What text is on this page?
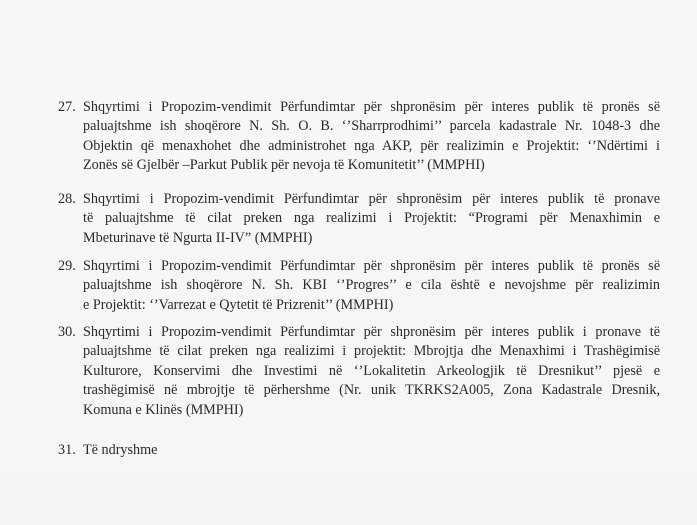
27. Shqyrtimi i Propozim-vendimit Përfundimtar për shpronësim për interes publik të pronës së
paluajtshme ish shoqërore N. Sh. O. B. ‘’Sharrprodhimi’’ parcela kadastrale Nr. 1048-3 dhe
Objektin që menaxhohet dhe administrohet nga AKP, për realizimin e Projektit: ‘’Ndërtimi i
Zonës së Gjelbër –Parkut Publik për nevoja të Komunitetit’’ (MMPHI)
28. Shqyrtimi i Propozim-vendimit Përfundimtar për shpronësim për interes publik të pronave
të paluajtshme të cilat preken nga realizimi i Projektit: “Programi për Menaxhimin e
Mbeturinave të Ngurta II-IV” (MMPHI)
29. Shqyrtimi i Propozim-vendimit Përfundimtar për shpronësim për interes publik të pronës së
paluajtshme ish shoqërore N. Sh. KBI ‘’Progres’’ e cila është e nevojshme për realizimin
e Projektit: ‘’Varrezat e Qytetit të Prizrenit’’ (MMPHI)
30. Shqyrtimi i Propozim-vendimit Përfundimtar për shpronësim për interes publik i pronave të
paluajtshme të cilat preken nga realizimi i projektit: Mbrojtja dhe Menaxhimi i Trashëgimisë
Kulturore, Konservimi dhe Investimi në ‘’Lokalitetin Arkeologjik të Dresnikut’’ pjesë e
trashëgimisë në mbrojtje të përhershme (Nr. unik TKRKS2A005, Zona Kadastrale Dresnik,
Komuna e Klinës (MMPHI)
31. Të ndryshme
